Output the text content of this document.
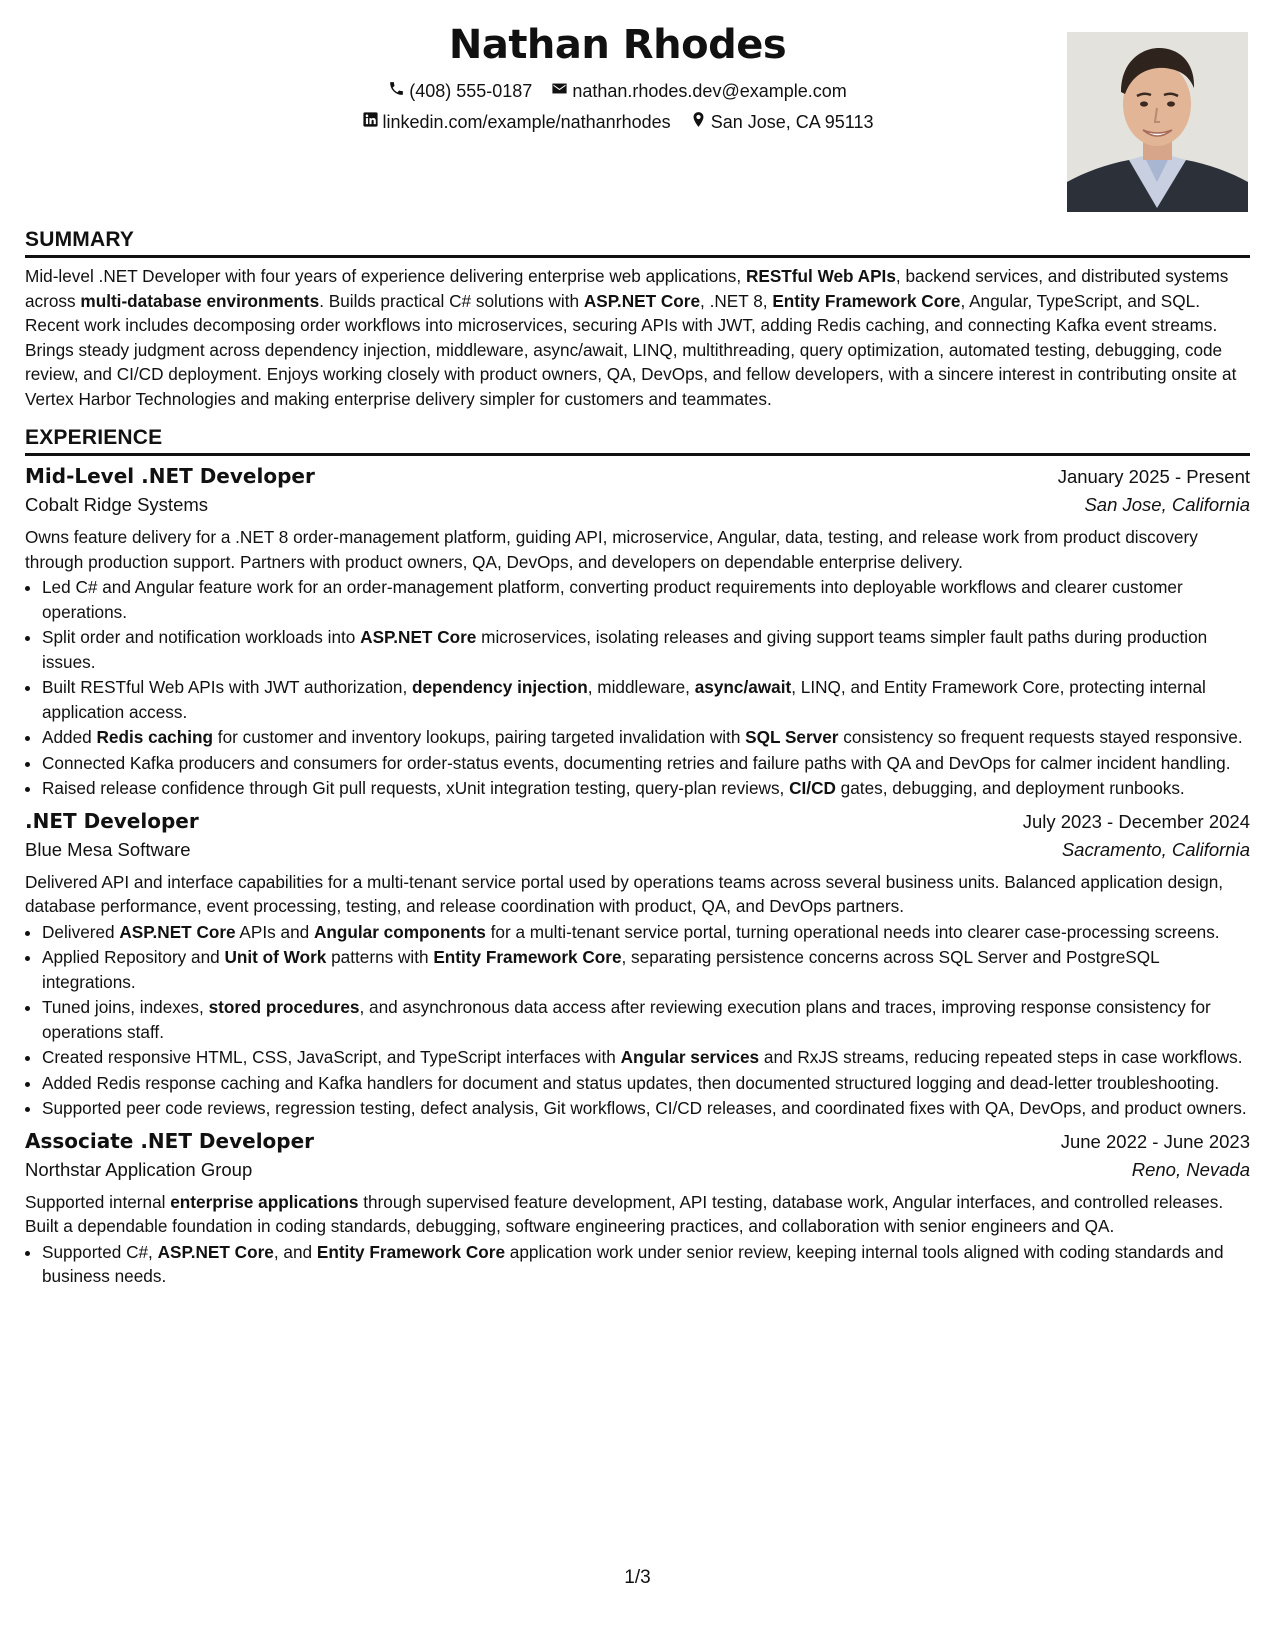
Nathan Rhodes
(408) 555-0187
nathan.rhodes.dev@example.com
linkedin.com/example/nathanrhodes
San Jose, CA 95113
SUMMARY

Mid-level .NET Developer with four years of experience delivering enterprise web applications, RESTful Web APIs, backend services, and distributed systems across multi-database environments. Builds practical C# solutions with ASP.NET Core, .NET 8, Entity Framework Core, Angular, TypeScript, and SQL. Recent work includes decomposing order workflows into microservices, securing APIs with JWT, adding Redis caching, and connecting Kafka event streams. Brings steady judgment across dependency injection, middleware, async/await, LINQ, multithreading, query optimization, automated testing, debugging, code review, and CI/CD deployment. Enjoys working closely with product owners, QA, DevOps, and fellow developers, with a sincere interest in contributing onsite at Vertex Harbor Technologies and making enterprise delivery simpler for customers and teammates.

EXPERIENCE
Mid-Level .NET Developer	January 2025 - Present
Cobalt Ridge Systems	San Jose, California

Owns feature delivery for a .NET 8 order-management platform, guiding API, microservice, Angular, data, testing, and release work from product discovery through production support. Partners with product owners, QA, DevOps, and developers on dependable enterprise delivery.

• Led C# and Angular feature work for an order-management platform, converting product requirements into deployable workflows and clearer customer operations.
• Split order and notification workloads into ASP.NET Core microservices, isolating releases and giving support teams simpler fault paths during production issues.
• Built RESTful Web APIs with JWT authorization, dependency injection, middleware, async/await, LINQ, and Entity Framework Core, protecting internal application access.
• Added Redis caching for customer and inventory lookups, pairing targeted invalidation with SQL Server consistency so frequent requests stayed responsive.
• Connected Kafka producers and consumers for order-status events, documenting retries and failure paths with QA and DevOps for calmer incident handling.
• Raised release confidence through Git pull requests, xUnit integration testing, query-plan reviews, CI/CD gates, debugging, and deployment runbooks.
.NET Developer	July 2023 - December 2024
Blue Mesa Software	Sacramento, California

Delivered API and interface capabilities for a multi-tenant service portal used by operations teams across several business units. Balanced application design, database performance, event processing, testing, and release coordination with product, QA, and DevOps partners.

• Delivered ASP.NET Core APIs and Angular components for a multi-tenant service portal, turning operational needs into clearer case-processing screens.
• Applied Repository and Unit of Work patterns with Entity Framework Core, separating persistence concerns across SQL Server and PostgreSQL integrations.
• Tuned joins, indexes, stored procedures, and asynchronous data access after reviewing execution plans and traces, improving response consistency for operations staff.
• Created responsive HTML, CSS, JavaScript, and TypeScript interfaces with Angular services and RxJS streams, reducing repeated steps in case workflows.
• Added Redis response caching and Kafka handlers for document and status updates, then documented structured logging and dead-letter troubleshooting.
• Supported peer code reviews, regression testing, defect analysis, Git workflows, CI/CD releases, and coordinated fixes with QA, DevOps, and product owners.
Associate .NET Developer	June 2022 - June 2023
Northstar Application Group	Reno, Nevada

Supported internal enterprise applications through supervised feature development, API testing, database work, Angular interfaces, and controlled releases. Built a dependable foundation in coding standards, debugging, software engineering practices, and collaboration with senior engineers and QA.

• Supported C#, ASP.NET Core, and Entity Framework Core application work under senior review, keeping internal tools aligned with coding standards and business needs.
1/3
